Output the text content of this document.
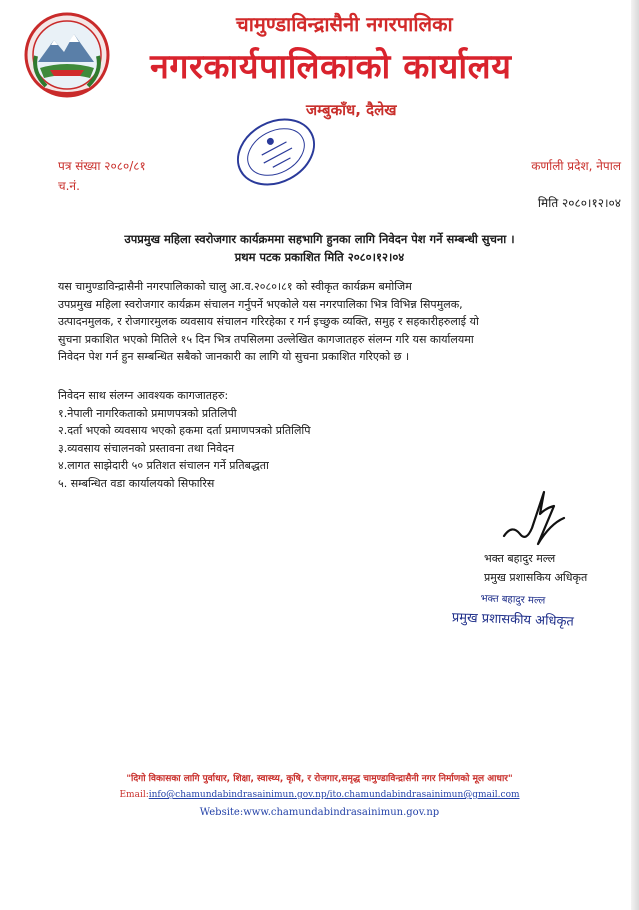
चामुण्डाविन्द्रासैनी नगरपालिका
नगरकार्यपालिकाको कार्यालय
जम्बुकाँध, दैलेख
पत्र संख्या २०८०/८१
च.नं.
कर्णाली प्रदेश, नेपाल
मिति २०८०।१२।०४
उपप्रमुख महिला स्वरोजगार कार्यक्रममा सहभागि हुनका लागि निवेदन पेश गर्ने सम्बन्धी सुचना ।
प्रथम पटक प्रकाशित मिति २०८०।१२।०४
यस चामुण्डाविन्द्रासैनी नगरपालिकाको चालु आ.व.२०८०।८१ को स्वीकृत कार्यक्रम बमोजिम
उपप्रमुख महिला स्वरोजगार कार्यक्रम संचालन गर्नुपर्ने भएकोले यस नगरपालिका भित्र विभिन्न सिपमुलक,
उत्पादनमुलक, र रोजगारमुलक व्यवसाय संचालन गरिरहेका र गर्न इच्छुक व्यक्ति, समुह र सहकारीहरुलाई यो
सुचना प्रकाशित भएको मितिले १५ दिन भित्र तपसिलमा उल्लेखित कागजातहरु संलग्न गरि यस कार्यालयमा
निवेदन पेश गर्न हुन सम्बन्धित सबैको जानकारी का लागि यो सुचना प्रकाशित गरिएको छ ।
निवेदन साथ संलग्न आवश्यक कागजातहरु:
१.नेपाली नागरिकताको प्रमाणपत्रको प्रतिलिपी
२.दर्ता भएको व्यवसाय भएको हकमा दर्ता प्रमाणपत्रको प्रतिलिपि
३.व्यवसाय संचालनको प्रस्तावना तथा निवेदन
४.लागत साझेदारी ५० प्रतिशत संचालन गर्ने प्रतिबद्धता
५. सम्बन्धित वडा कार्यालयको सिफारिस
भक्त बहादुर मल्ल
प्रमुख प्रशासकिय अधिकृत
भक्त बहादुर मल्ल
प्रमुख प्रशासकीय अधिकृत
"दिगो विकासका लागि पुर्वाधार, शिक्षा, स्वास्थ्य, कृषि, र रोजगार,समृद्ध चामुण्डाविन्द्रासैनी नगर निर्माणको मूल आधार"
Email:info@chamundabindrasainimun.gov.np/ito.chamundabindrasainimun@gmail.com
Website:www.chamundabindrasainimun.gov.np
